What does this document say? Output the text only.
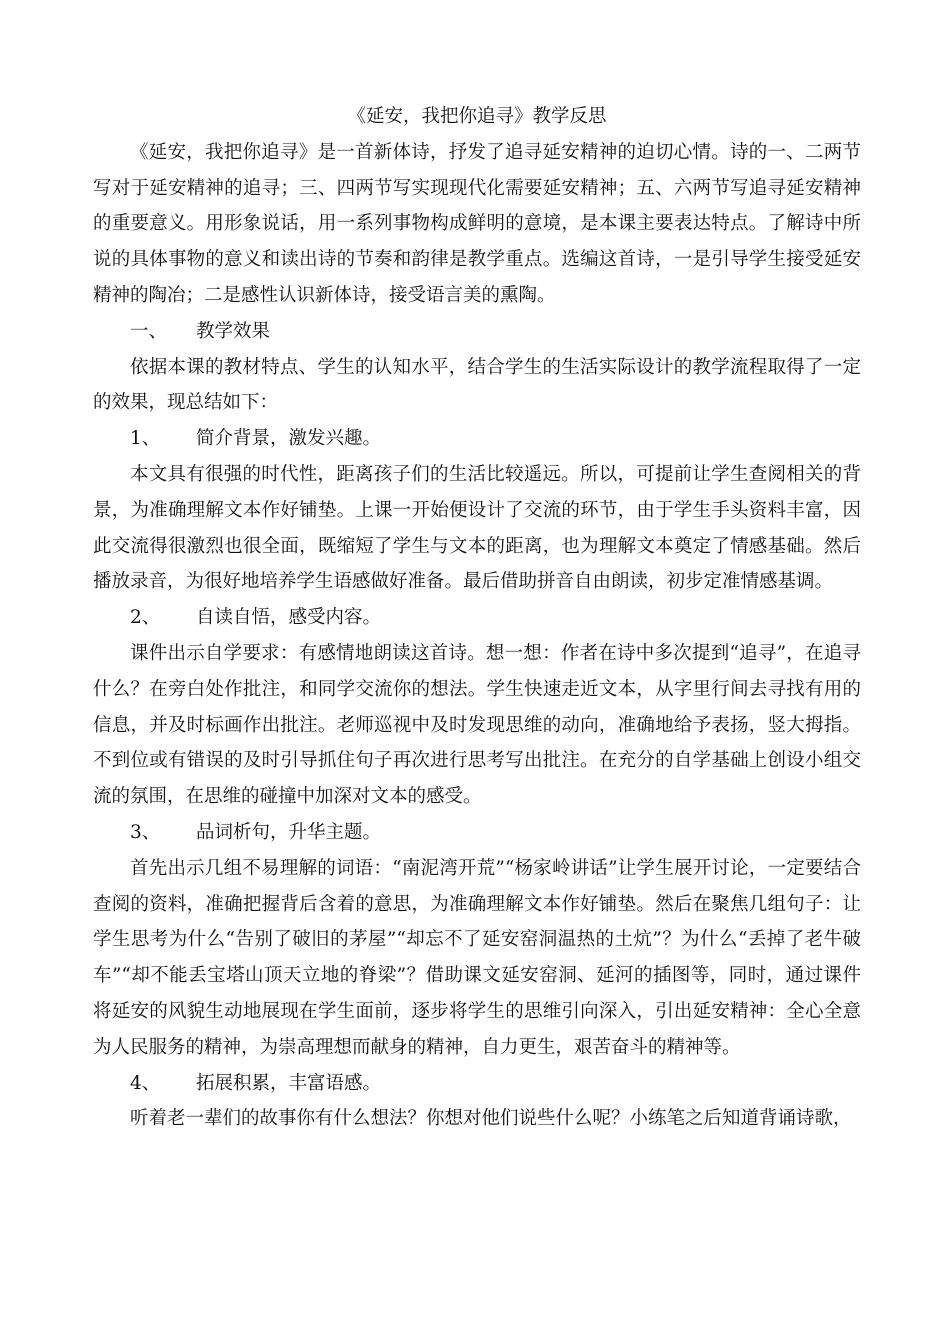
《延安，我把你追寻》教学反思

《延安，我把你追寻》是一首新体诗，抒发了追寻延安精神的迫切心情。诗的一、二两节写对于延安精神的追寻；三、四两节写实现现代化需要延安精神；五、六两节写追寻延安精神的重要意义。用形象说话，用一系列事物构成鲜明的意境，是本课主要表达特点。了解诗中所说的具体事物的意义和读出诗的节奏和韵律是教学重点。选编这首诗，一是引导学生接受延安精神的陶冶；二是感性认识新体诗，接受语言美的熏陶。

一、 教学效果

依据本课的教材特点、学生的认知水平，结合学生的生活实际设计的教学流程取得了一定的效果，现总结如下：

1、 简介背景，激发兴趣。

本文具有很强的时代性，距离孩子们的生活比较遥远。所以，可提前让学生查阅相关的背景，为准确理解文本作好铺垫。上课一开始便设计了交流的环节，由于学生手头资料丰富，因此交流得很激烈也很全面，既缩短了学生与文本的距离，也为理解文本奠定了情感基础。然后播放录音，为很好地培养学生语感做好准备。最后借助拼音自由朗读，初步定准情感基调。

2、 自读自悟，感受内容。

课件出示自学要求：有感情地朗读这首诗。想一想：作者在诗中多次提到“追寻”，在追寻什么？在旁白处作批注，和同学交流你的想法。学生快速走近文本，从字里行间去寻找有用的信息，并及时标画作出批注。老师巡视中及时发现思维的动向，准确地给予表扬，竖大拇指。不到位或有错误的及时引导抓住句子再次进行思考写出批注。在充分的自学基础上创设小组交流的氛围，在思维的碰撞中加深对文本的感受。

3、 品词析句，升华主题。

首先出示几组不易理解的词语：“南泥湾开荒”“杨家岭讲话”让学生展开讨论，一定要结合查阅的资料，准确把握背后含着的意思，为准确理解文本作好铺垫。然后在聚焦几组句子：让学生思考为什么“告别了破旧的茅屋”“却忘不了延安窑洞温热的土炕”？为什么“丢掉了老牛破车”“却不能丢宝塔山顶天立地的脊梁”？借助课文延安窑洞、延河的插图等，同时，通过课件将延安的风貌生动地展现在学生面前，逐步将学生的思维引向深入，引出延安精神：全心全意为人民服务的精神，为崇高理想而献身的精神，自力更生，艰苦奋斗的精神等。

4、 拓展积累，丰富语感。

听着老一辈们的故事你有什么想法？你想对他们说些什么呢？小练笔之后知道背诵诗歌，
